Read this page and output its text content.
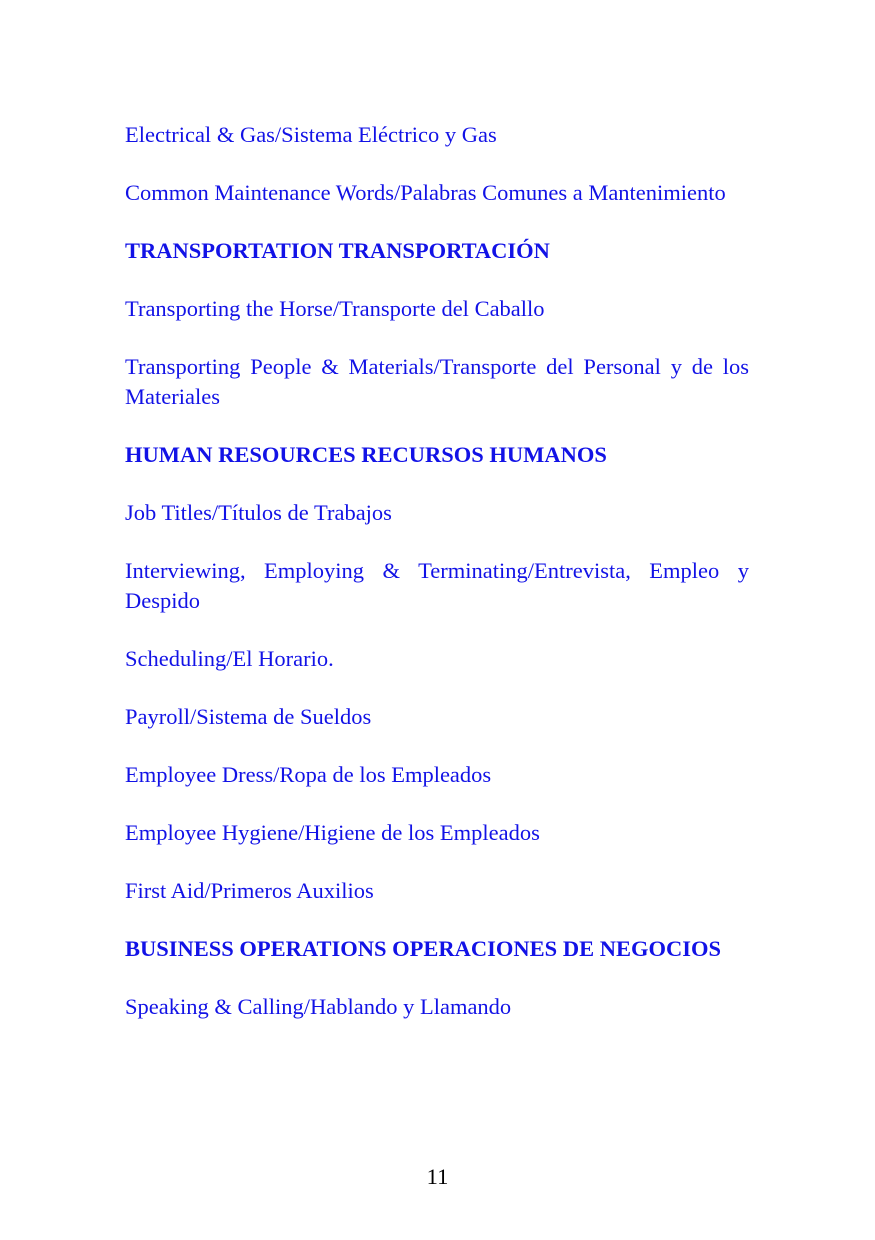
Electrical & Gas/Sistema Eléctrico y Gas
Common Maintenance Words/Palabras Comunes a Mantenimiento
TRANSPORTATION TRANSPORTACIÓN
Transporting the Horse/Transporte del Caballo
Transporting People & Materials/Transporte del Personal y de los Materiales
HUMAN RESOURCES RECURSOS HUMANOS
Job Titles/Títulos de Trabajos
Interviewing, Employing & Terminating/Entrevista, Empleo y Despido
Scheduling/El Horario.
Payroll/Sistema de Sueldos
Employee Dress/Ropa de los Empleados
Employee Hygiene/Higiene de los Empleados
First Aid/Primeros Auxilios
BUSINESS OPERATIONS OPERACIONES DE NEGOCIOS
Speaking & Calling/Hablando y Llamando
11
